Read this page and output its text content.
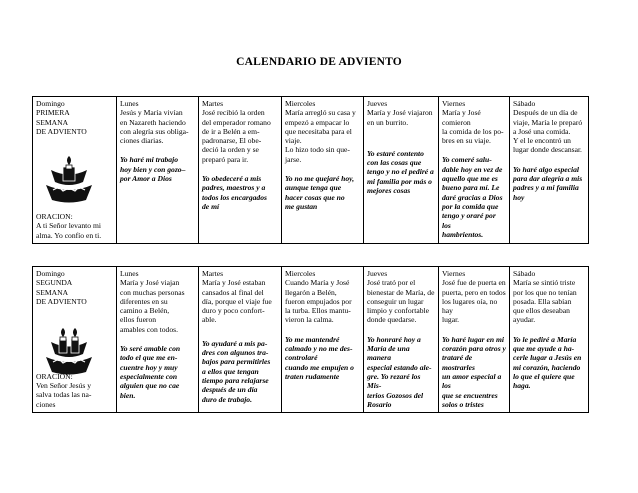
CALENDARIO DE ADVIENTO
Domingo
PRIMERA
SEMANA
DE ADVIENTO
ORACION:
A ti Señor levanto mi alma. Yo confío en ti.

Lunes
Jesús y María vivían
en Nazareth haciendo
con alegría sus obliga-
ciones diarias.
Yo haré mi trabajo
hoy bien y con gozo–
por Amor a Dios

Martes
José recibió la orden
del emperador romano
de ir a Belén a em-
padronarse, El obe-
deció la orden y se
preparó para ir.
Yo obedeceré a mis
padres, maestros y a
todos los encargados
de mí

Miercoles
María arregló su casa y
empezó a empacar lo
que necesitaba para el
viaje.
Lo hizo todo sin que-
jarse.
Yo no me quejaré hoy,
aunque tenga que
hacer cosas que no
me gustan

Jueves
María y José viajaron
en un burrito.
Yo estaré contento
con las cosas que
tengo y no el pediré a
mi familia por más o
mejores cosas

Viernes
María y José comieron
la comida de los po-
bres en su viaje.
Yo comeré salu-
dable hoy en vez de
aquello que me es
bueno para mí. Le
daré gracias a Dios
por la comida que
tengo y oraré por los
hambrientos.

Sábado
Después de un día de
viaje, María le preparó
a José una comida.
Y el le encontró un
lugar donde descansar.
Yo haré algo especial
para dar alegría a mis
padres y a mi familia
hoy
Domingo
SEGUNDA
SEMANA
DE ADVIENTO
ORACION:
Ven Señor Jesús y
salva todas las na-
ciones

Lunes
María y José viajan
con muchas personas
diferentes en su
camino a Belén,
ellos fueron
amables con todos.
Yo seré amable con
todo el que me en-
cuentre hoy y muy
especialmente con
alguien que no cae
bien.

Martes
María y José estaban
cansados al final del
día, porque el viaje fue
duro y poco confort-
able.
Yo ayudaré a mis pa-
dres con algunos tra-
bajos para permitirles
a ellos que tengan
tiempo para relajarse
después de un día
duro de trabajo.

Miercoles
Cuando María y José
llegarón a Belén,
fueron empujados por
la turba. Ellos mantu-
vieron la calma.
Yo me mantendré
calmado y no me des-
controlaré
cuando me empujen o
traten rudamente

Jueves
José trató por el
bienestar de María, de
conseguir un lugar
limpio y confortable
donde quedarse.
Yo honraré hoy a
María de una manera
especial estando ale-
gre. Yo rezaré los Mis-
terios Gozosos del
Rosario

Viernes
José fue de puerta en
puerta, pero en todos
los lugares oía, no hay
lugar.
Yo haré lugar en mi
corazón para otros y
trataré de mostrarles
un amor especial a los
que se encuentres
solos o tristes

Sábado
María se sintió triste
por los que no tenían
posada. Ella sabían
que ellos deseaban
ayudar.
Yo le pediré a María
que me ayude a ha-
cerle lugar a Jesús en
mi corazón, haciendo
lo que el quiere que
haga.
